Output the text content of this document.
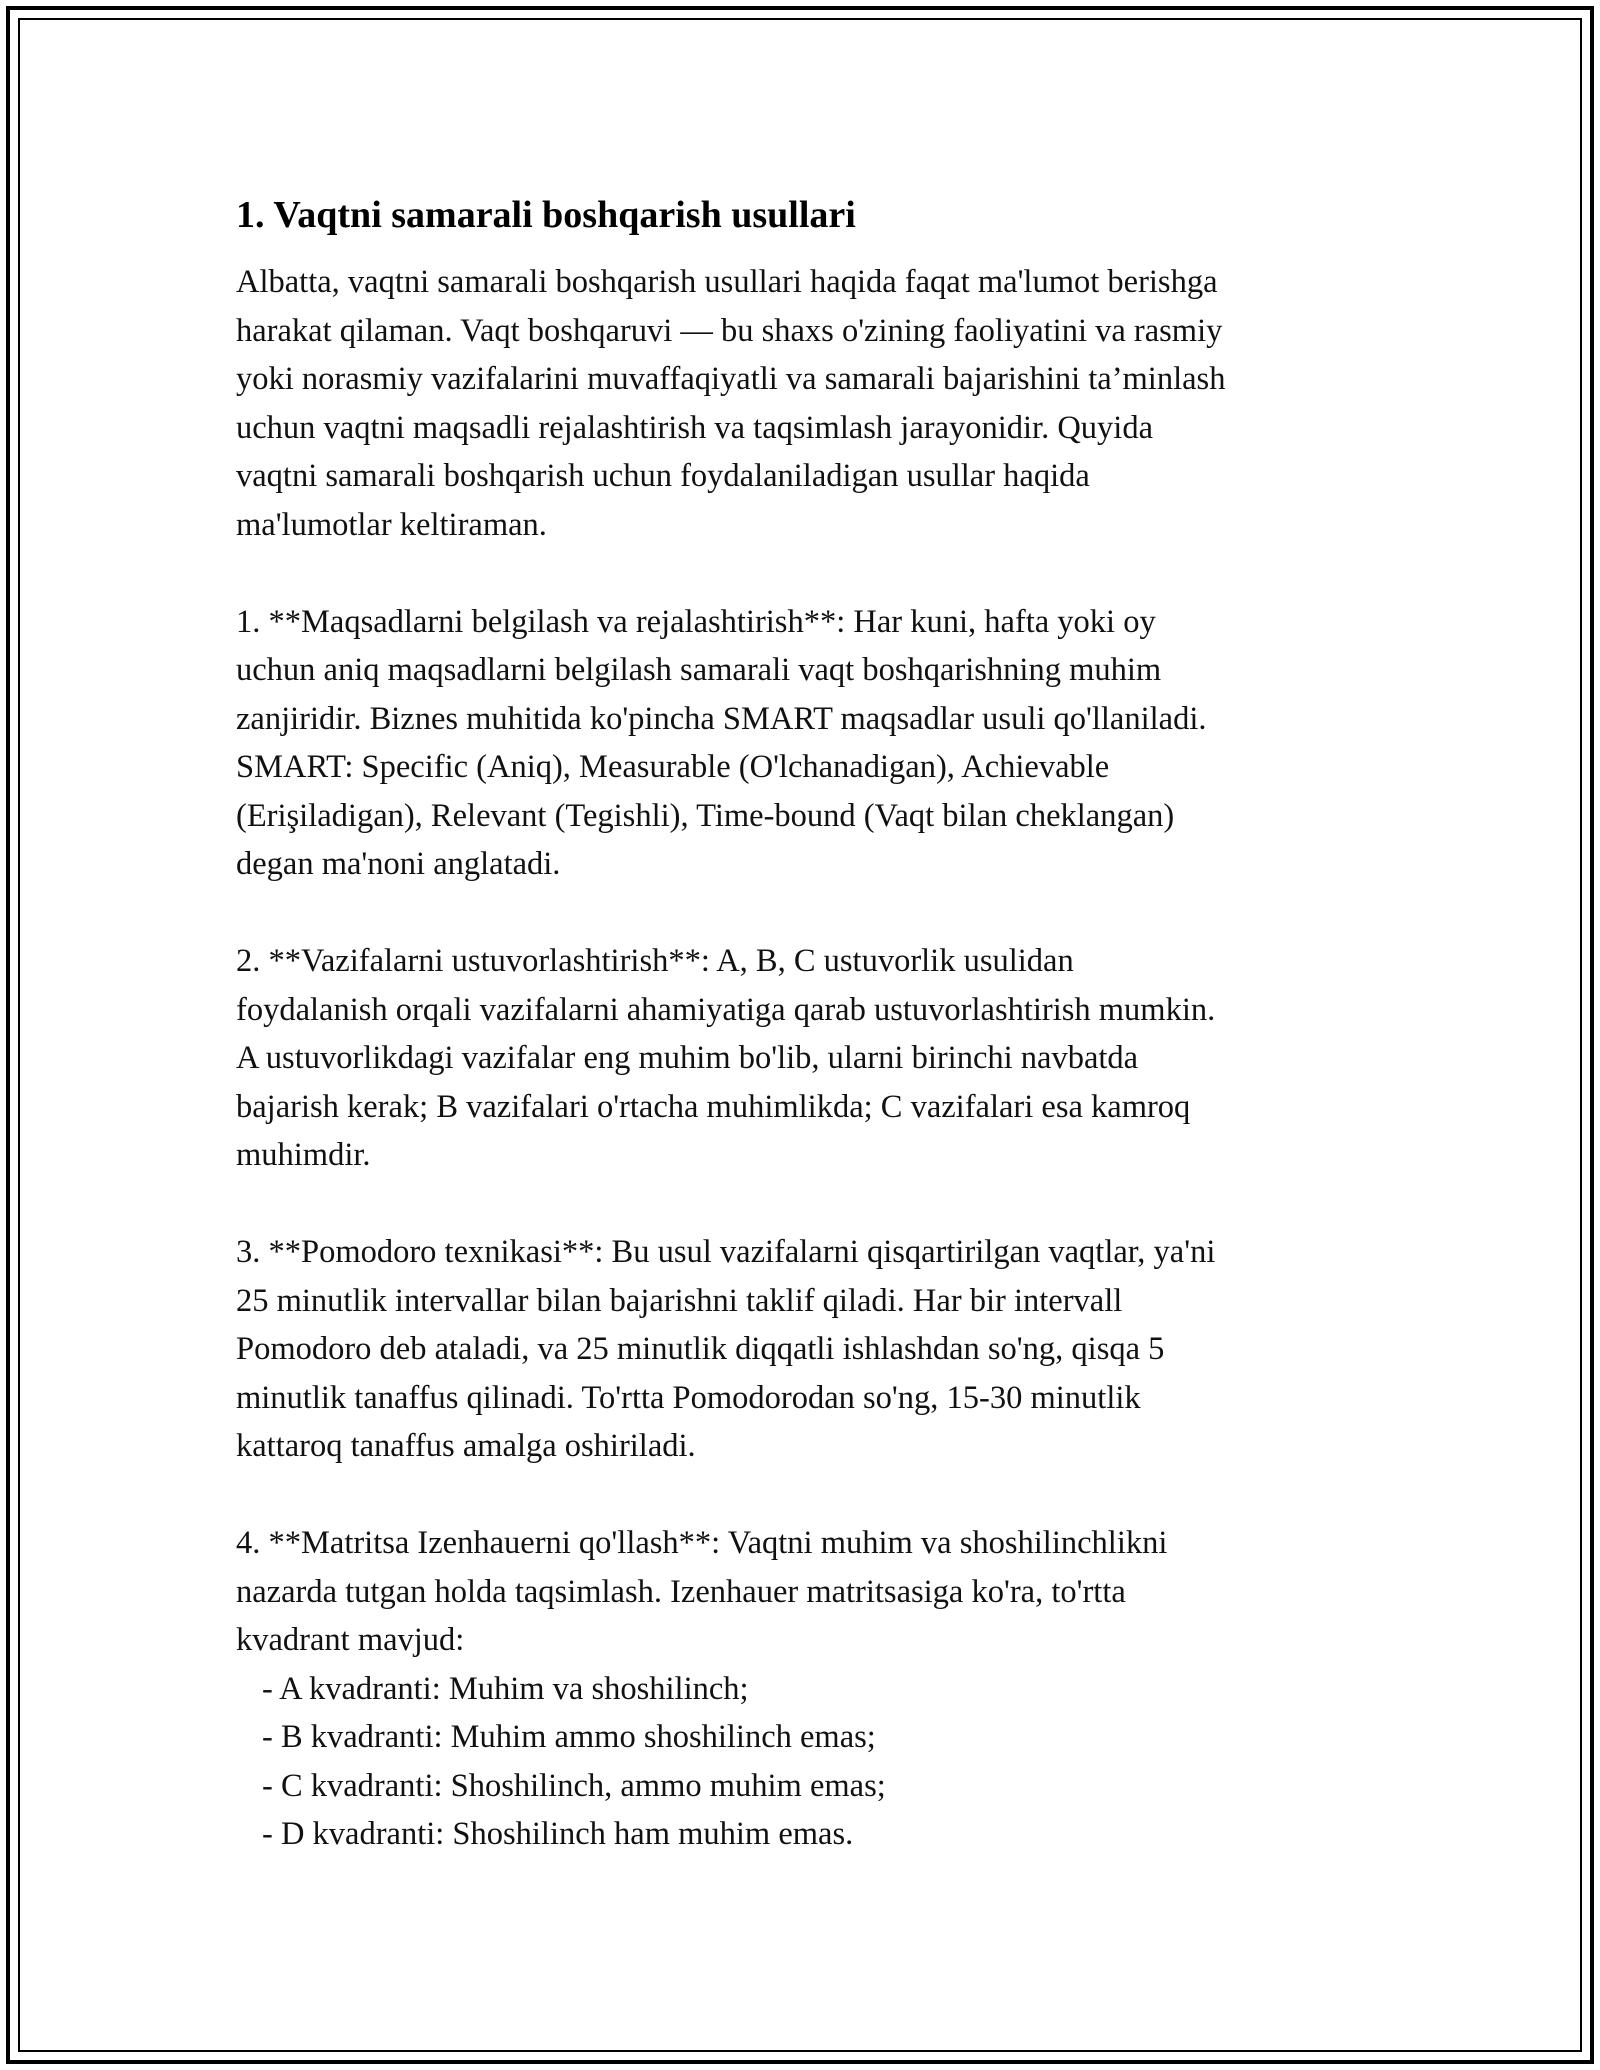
1. Vaqtni samarali boshqarish usullari

Albatta, vaqtni samarali boshqarish usullari haqida faqat ma'lumot berishga
harakat qilaman. Vaqt boshqaruvi — bu shaxs o'zining faoliyatini va rasmiy
yoki norasmiy vazifalarini muvaffaqiyatli va samarali bajarishini ta’minlash
uchun vaqtni maqsadli rejalashtirish va taqsimlash jarayonidir. Quyida
vaqtni samarali boshqarish uchun foydalaniladigan usullar haqida
ma'lumotlar keltiraman.

1. **Maqsadlarni belgilash va rejalashtirish**: Har kuni, hafta yoki oy
uchun aniq maqsadlarni belgilash samarali vaqt boshqarishning muhim
zanjiridir. Biznes muhitida ko'pincha SMART maqsadlar usuli qo'llaniladi.
SMART: Specific (Aniq), Measurable (O'lchanadigan), Achievable
(Erişiladigan), Relevant (Tegishli), Time-bound (Vaqt bilan cheklangan)
degan ma'noni anglatadi.

2. **Vazifalarni ustuvorlashtirish**: A, B, C ustuvorlik usulidan
foydalanish orqali vazifalarni ahamiyatiga qarab ustuvorlashtirish mumkin.
A ustuvorlikdagi vazifalar eng muhim bo'lib, ularni birinchi navbatda
bajarish kerak; B vazifalari o'rtacha muhimlikda; C vazifalari esa kamroq
muhimdir.

3. **Pomodoro texnikasi**: Bu usul vazifalarni qisqartirilgan vaqtlar, ya'ni
25 minutlik intervallar bilan bajarishni taklif qiladi. Har bir intervall
Pomodoro deb ataladi, va 25 minutlik diqqatli ishlashdan so'ng, qisqa 5
minutlik tanaffus qilinadi. To'rtta Pomodorodan so'ng, 15-30 minutlik
kattaroq tanaffus amalga oshiriladi.

4. **Matritsa Izenhauerni qo'llash**: Vaqtni muhim va shoshilinchlikni
nazarda tutgan holda taqsimlash. Izenhauer matritsasiga ko'ra, to'rtta
kvadrant mavjud:

- A kvadranti: Muhim va shoshilinch;
- B kvadranti: Muhim ammo shoshilinch emas;
- C kvadranti: Shoshilinch, ammo muhim emas;
- D kvadranti: Shoshilinch ham muhim emas.
